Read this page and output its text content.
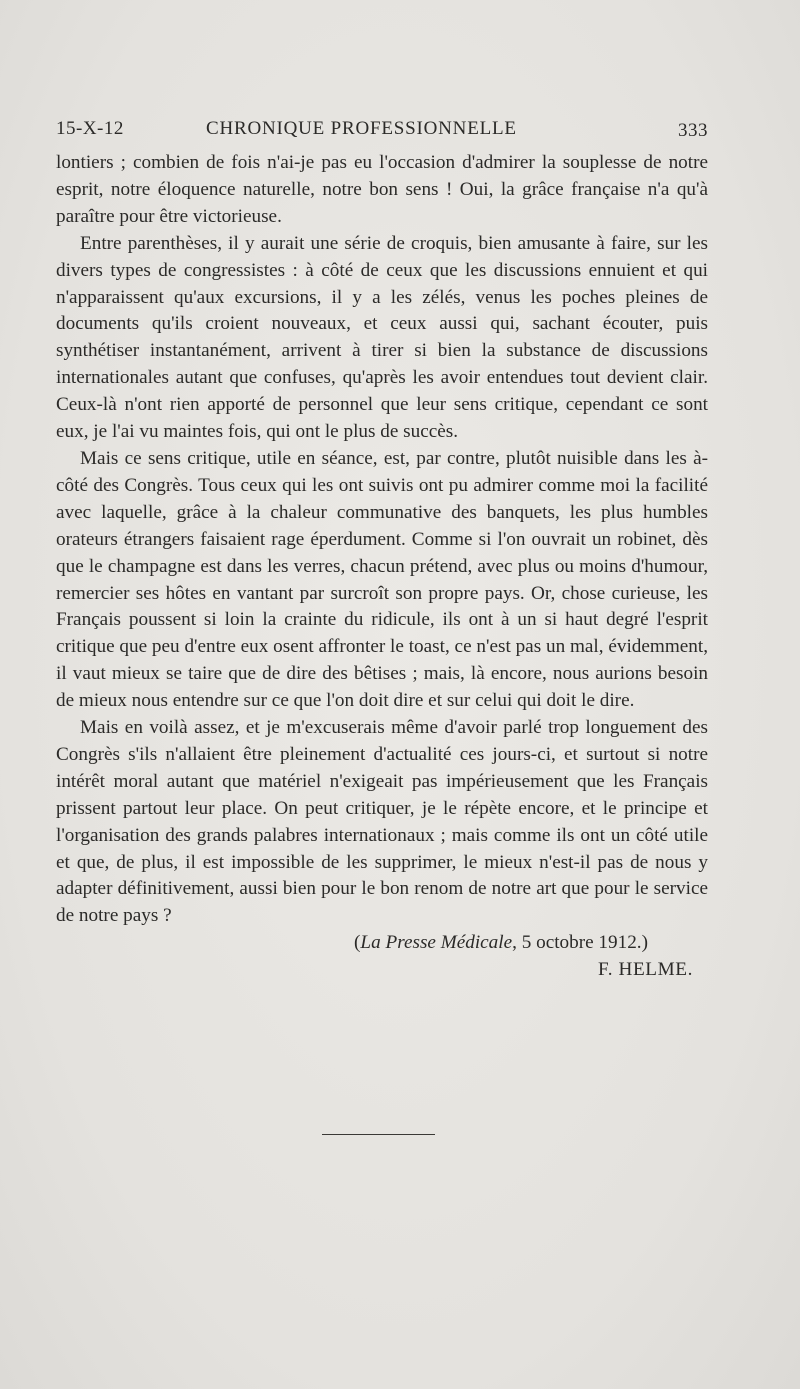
15-X-12	CHRONIQUE PROFESSIONNELLE	333

lontiers ; combien de fois n'ai-je pas eu l'occasion d'admirer la souplesse de notre esprit, notre éloquence naturelle, notre bon sens ! Oui, la grâce française n'a qu'à paraître pour être victorieuse.

Entre parenthèses, il y aurait une série de croquis, bien amusante à faire, sur les divers types de congressistes : à côté de ceux que les discussions ennuient et qui n'apparaissent qu'aux excursions, il y a les zélés, venus les poches pleines de documents qu'ils croient nouveaux, et ceux aussi qui, sachant écouter, puis synthétiser instantanément, arrivent à tirer si bien la substance de discussions internationales autant que confuses, qu'après les avoir entendues tout devient clair. Ceux-là n'ont rien apporté de personnel que leur sens critique, cependant ce sont eux, je l'ai vu maintes fois, qui ont le plus de succès.

Mais ce sens critique, utile en séance, est, par contre, plutôt nuisible dans les à-côté des Congrès. Tous ceux qui les ont suivis ont pu admirer comme moi la facilité avec laquelle, grâce à la chaleur communative des banquets, les plus humbles orateurs étrangers faisaient rage éperdument. Comme si l'on ouvrait un robinet, dès que le champagne est dans les verres, chacun prétend, avec plus ou moins d'humour, remercier ses hôtes en vantant par surcroît son propre pays. Or, chose curieuse, les Français poussent si loin la crainte du ridicule, ils ont à un si haut degré l'esprit critique que peu d'entre eux osent affronter le toast, ce n'est pas un mal, évidemment, il vaut mieux se taire que de dire des bêtises ; mais, là encore, nous aurions besoin de mieux nous entendre sur ce que l'on doit dire et sur celui qui doit le dire.

Mais en voilà assez, et je m'excuserais même d'avoir parlé trop longuement des Congrès s'ils n'allaient être pleinement d'actualité ces jours-ci, et surtout si notre intérêt moral autant que matériel n'exigeait pas impérieusement que les Français prissent partout leur place. On peut critiquer, je le répète encore, et le principe et l'organisation des grands palabres internationaux ; mais comme ils ont un côté utile et que, de plus, il est impossible de les supprimer, le mieux n'est-il pas de nous y adapter définitivement, aussi bien pour le bon renom de notre art que pour le service de notre pays ?

(La Presse Médicale, 5 octobre 1912.)

F. HELME.
